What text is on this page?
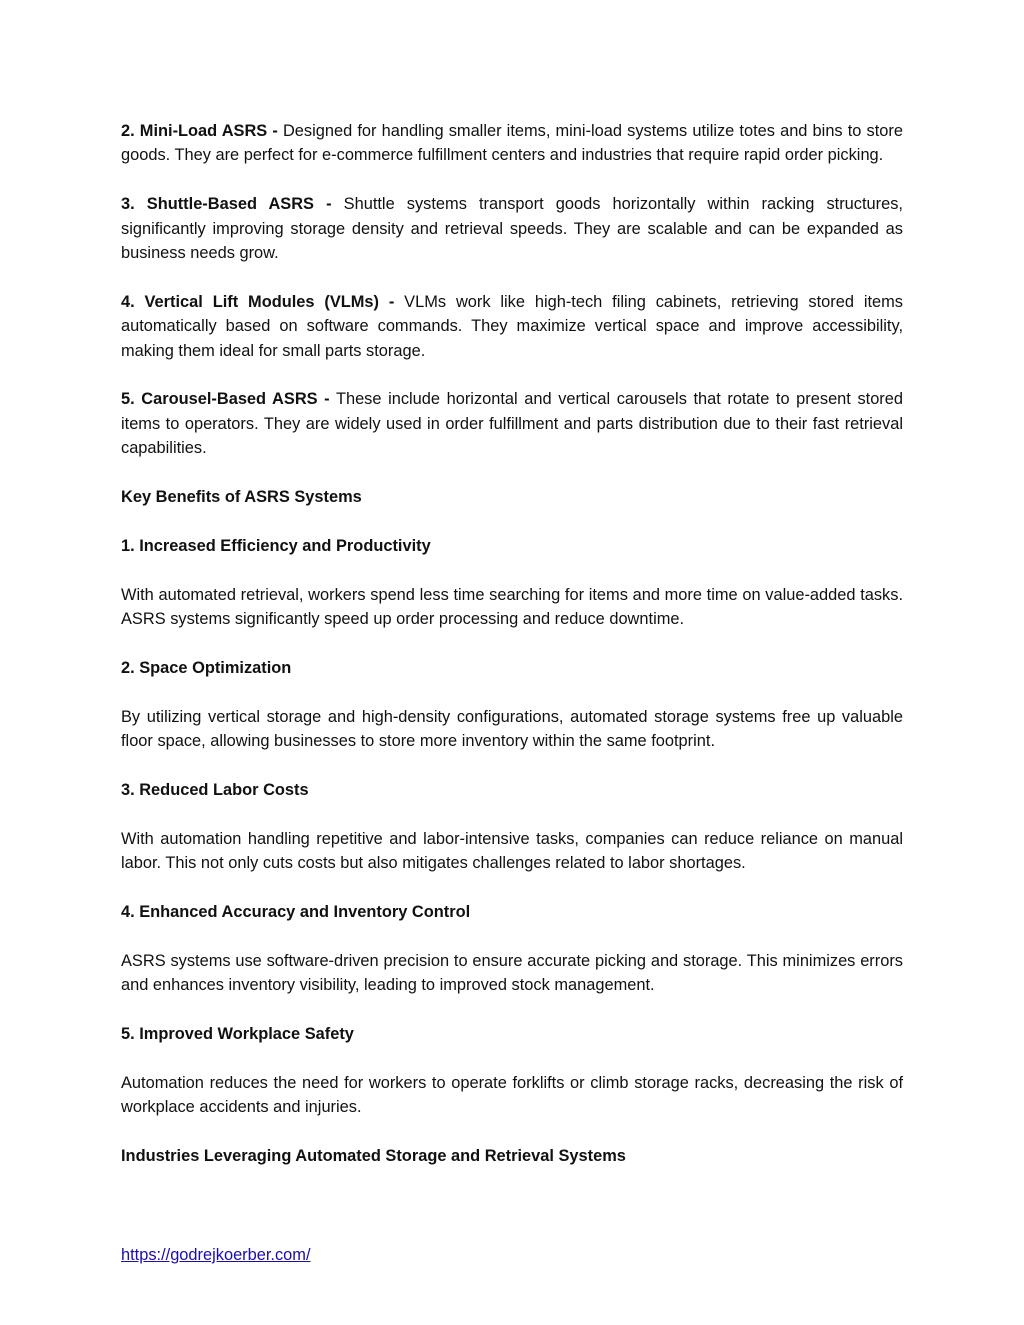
2. Mini-Load ASRS - Designed for handling smaller items, mini-load systems utilize totes and bins to store goods. They are perfect for e-commerce fulfillment centers and industries that require rapid order picking.

3. Shuttle-Based ASRS - Shuttle systems transport goods horizontally within racking structures, significantly improving storage density and retrieval speeds. They are scalable and can be expanded as business needs grow.

4. Vertical Lift Modules (VLMs) - VLMs work like high-tech filing cabinets, retrieving stored items automatically based on software commands. They maximize vertical space and improve accessibility, making them ideal for small parts storage.

5. Carousel-Based ASRS - These include horizontal and vertical carousels that rotate to present stored items to operators. They are widely used in order fulfillment and parts distribution due to their fast retrieval capabilities.

Key Benefits of ASRS Systems

1. Increased Efficiency and Productivity

With automated retrieval, workers spend less time searching for items and more time on value-added tasks. ASRS systems significantly speed up order processing and reduce downtime.

2. Space Optimization

By utilizing vertical storage and high-density configurations, automated storage systems free up valuable floor space, allowing businesses to store more inventory within the same footprint.

3. Reduced Labor Costs

With automation handling repetitive and labor-intensive tasks, companies can reduce reliance on manual labor. This not only cuts costs but also mitigates challenges related to labor shortages.

4. Enhanced Accuracy and Inventory Control

ASRS systems use software-driven precision to ensure accurate picking and storage. This minimizes errors and enhances inventory visibility, leading to improved stock management.

5. Improved Workplace Safety

Automation reduces the need for workers to operate forklifts or climb storage racks, decreasing the risk of workplace accidents and injuries.

Industries Leveraging Automated Storage and Retrieval Systems

https://godrejkoerber.com/
